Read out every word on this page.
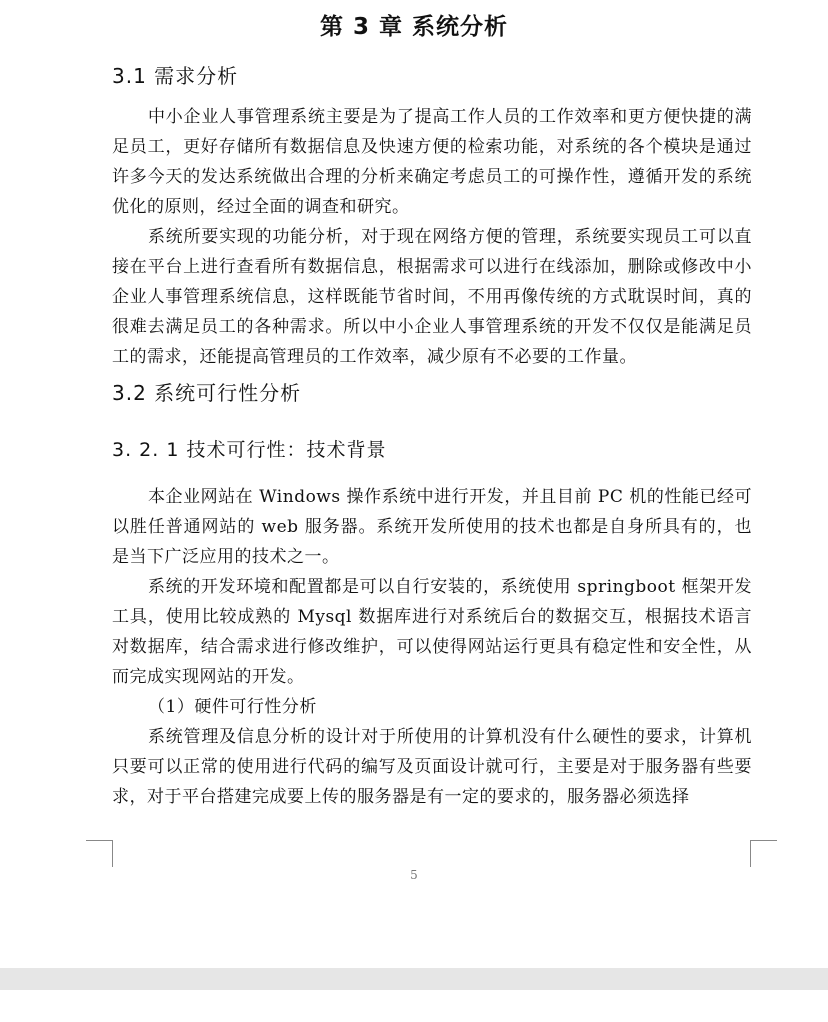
第 3 章 系统分析
3.1 需求分析

中小企业人事管理系统主要是为了提高工作人员的工作效率和更方便快捷的满足员工，更好存储所有数据信息及快速方便的检索功能，对系统的各个模块是通过许多今天的发达系统做出合理的分析来确定考虑员工的可操作性，遵循开发的系统优化的原则，经过全面的调查和研究。

系统所要实现的功能分析，对于现在网络方便的管理，系统要实现员工可以直接在平台上进行查看所有数据信息，根据需求可以进行在线添加，删除或修改中小企业人事管理系统信息，这样既能节省时间，不用再像传统的方式耽误时间，真的很难去满足员工的各种需求。所以中小企业人事管理系统的开发不仅仅是能满足员工的需求，还能提高管理员的工作效率，减少原有不必要的工作量。

3.2 系统可行性分析
3. 2. 1 技术可行性：技术背景

本企业网站在 Windows 操作系统中进行开发，并且目前 PC 机的性能已经可以胜任普通网站的 web 服务器。系统开发所使用的技术也都是自身所具有的，也是当下广泛应用的技术之一。

系统的开发环境和配置都是可以自行安装的，系统使用 springboot 框架开发工具，使用比较成熟的 Mysql 数据库进行对系统后台的数据交互，根据技术语言对数据库，结合需求进行修改维护，可以使得网站运行更具有稳定性和安全性，从而完成实现网站的开发。

（1）硬件可行性分析

系统管理及信息分析的设计对于所使用的计算机没有什么硬性的要求，计算机只要可以正常的使用进行代码的编写及页面设计就可行，主要是对于服务器有些要求，对于平台搭建完成要上传的服务器是有一定的要求的，服务器必须选择

5
